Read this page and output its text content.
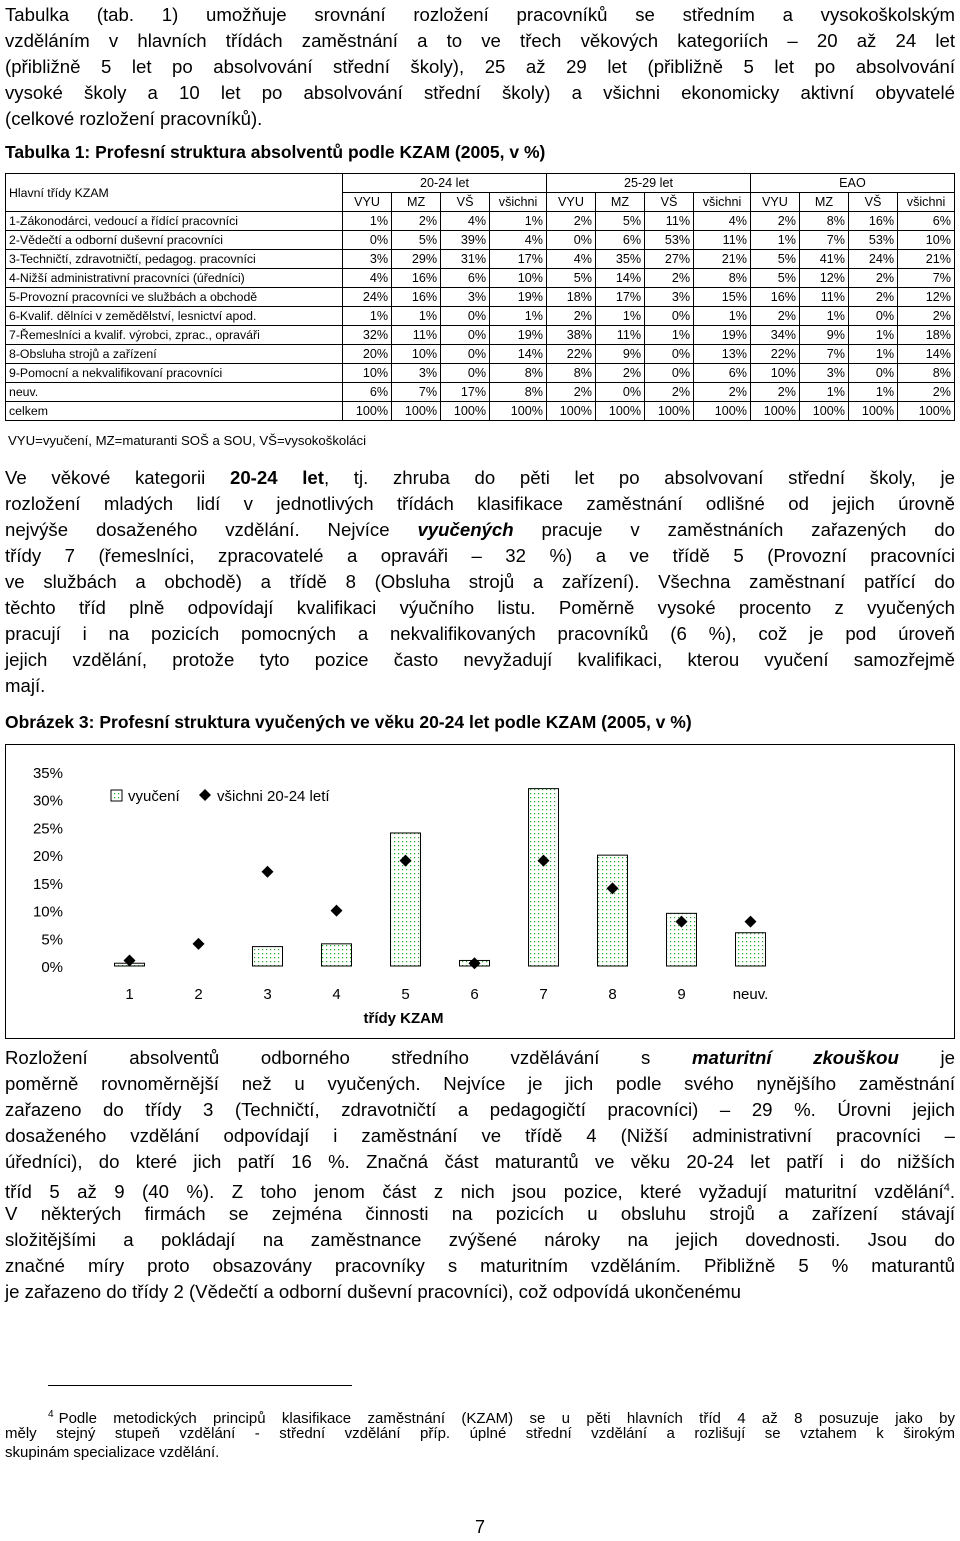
Tabulka (tab. 1) umožňuje srovnání rozložení pracovníků se středním a vysokoškolským
vzděláním v hlavních třídách zaměstnání a to ve třech věkových kategoriích – 20 až 24 let
(přibližně 5 let po absolvování střední školy), 25 až 29 let (přibližně 5 let po absolvování
vysoké školy a 10 let po absolvování střední školy) a všichni ekonomicky aktivní obyvatelé
(celkové rozložení pracovníků).
Tabulka 1: Profesní struktura absolventů podle KZAM (2005, v %)
Hlavní třídy KZAM	20-24 let				25-29 let				EAO			
	VYU	MZ	VŠ	všichni	VYU	MZ	VŠ	všichni	VYU	MZ	VŠ	všichni
1-Zákonodárci, vedoucí a řídící pracovníci	1%	2%	4%	1%	2%	5%	11%	4%	2%	8%	16%	6%
2-Vědečtí a odborní duševní pracovníci	0%	5%	39%	4%	0%	6%	53%	11%	1%	7%	53%	10%
3-Techničtí, zdravotničtí, pedagog. pracovníci	3%	29%	31%	17%	4%	35%	27%	21%	5%	41%	24%	21%
4-Nižší administrativní pracovníci (úředníci)	4%	16%	6%	10%	5%	14%	2%	8%	5%	12%	2%	7%
5-Provozní pracovníci ve službách a obchodě	24%	16%	3%	19%	18%	17%	3%	15%	16%	11%	2%	12%
6-Kvalif. dělníci v zemědělství, lesnictví apod.	1%	1%	0%	1%	2%	1%	0%	1%	2%	1%	0%	2%
7-Řemeslníci a kvalif. výrobci, zprac., opraváři	32%	11%	0%	19%	38%	11%	1%	19%	34%	9%	1%	18%
8-Obsluha strojů a zařízení	20%	10%	0%	14%	22%	9%	0%	13%	22%	7%	1%	14%
9-Pomocní a nekvalifikovaní pracovníci	10%	3%	0%	8%	8%	2%	0%	6%	10%	3%	0%	8%
neuv.	6%	7%	17%	8%	2%	0%	2%	2%	2%	1%	1%	2%
celkem	100%	100%	100%	100%	100%	100%	100%	100%	100%	100%	100%	100%
VYU=vyučení, MZ=maturanti SOŠ a SOU, VŠ=vysokoškoláci
Ve věkové kategorii 20-24 let, tj. zhruba do pěti let po absolvovaní střední školy, je
rozložení mladých lidí v jednotlivých třídách klasifikace zaměstnání odlišné od jejich úrovně
nejvýše dosaženého vzdělání. Nejvíce vyučených pracuje v zaměstnáních zařazených do
třídy 7 (řemeslníci, zpracovatelé a opraváři – 32 %) a ve třídě 5 (Provozní pracovníci
ve službách a obchodě) a třídě 8 (Obsluha strojů a zařízení). Všechna zaměstnaní patřící do
těchto tříd plně odpovídají kvalifikaci výučního listu. Poměrně vysoké procento z vyučených
pracují i na pozicích pomocných a nekvalifikovaných pracovníků (6 %), což je pod úroveň
jejich vzdělání, protože tyto pozice často nevyžadují kvalifikaci, kterou vyučení samozřejmě
mají.
Obrázek 3: Profesní struktura vyučených ve věku 20-24 let podle KZAM (2005, v %)
0%
5%
10%
15%
20%
25%
30%
35%
1	2	3	4	5	6	7	8	9	neuv.
třídy KZAM
vyučení všichni 20-24 letí
Rozložení absolventů odborného středního vzdělávání s maturitní zkouškou je
poměrně rovnoměrnější než u vyučených. Nejvíce je jich podle svého nynějšího zaměstnání
zařazeno do třídy 3 (Techničtí, zdravotničtí a pedagogičtí pracovníci) – 29 %. Úrovni jejich
dosaženého vzdělání odpovídají i zaměstnání ve třídě 4 (Nižší administrativní pracovníci –
úředníci), do které jich patří 16 %. Značná část maturantů ve věku 20-24 let patří i do nižších
tříd 5 až 9 (40 %). Z toho jenom část z nich jsou pozice, které vyžadují maturitní vzdělání$^4$.
V některých firmách se zejména činnosti na pozicích u obsluhu strojů a zařízení stávají
složitějšími a pokládají na zaměstnance zvýšené nároky na jejich dovednosti. Jsou do
značné míry proto obsazovány pracovníky s maturitním vzděláním. Přibližně 5 % maturantů
je zařazeno do třídy 2 (Vědečtí a odborní duševní pracovníci), což odpovídá ukončenému
$^4$ Podle metodických principů klasifikace zaměstnání (KZAM) se u pěti hlavních tříd 4 až 8 posuzuje jako by
měly stejný stupeň vzdělání - střední vzdělání příp. úplné střední vzdělání a rozlišují se vztahem k širokým
skupinám specializace vzdělání.
7
